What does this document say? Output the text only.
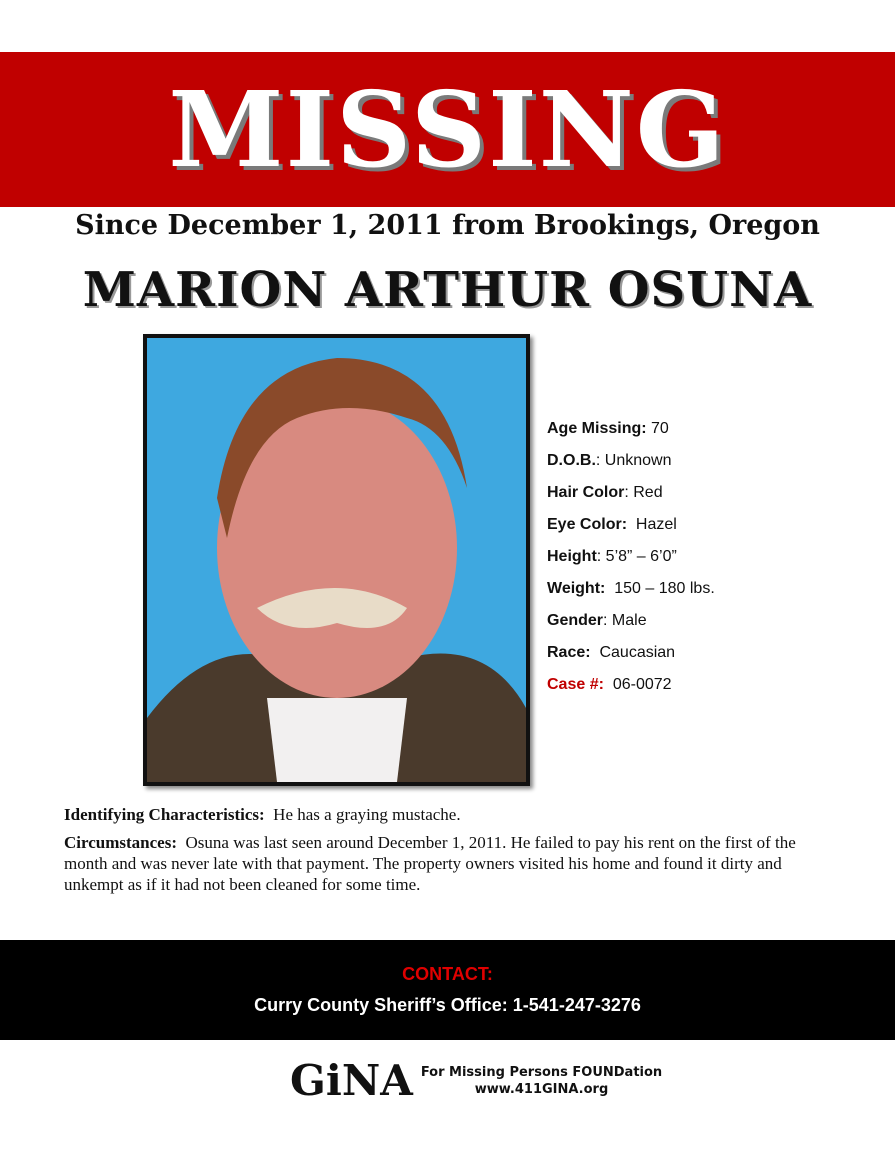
MISSING
Since December 1, 2011 from Brookings, Oregon
MARION ARTHUR OSUNA
Age Missing: 70
D.O.B.: Unknown
Hair Color: Red
Eye Color: Hazel
Height: 5’8” – 6’0”
Weight: 150 – 180 lbs.
Gender: Male
Race: Caucasian
Case #: 06-0072

Identifying Characteristics: He has a graying mustache.

Circumstances: Osuna was last seen around December 1, 2011. He failed to pay his rent on the first of the month and was never late with that payment. The property owners visited his home and found it dirty and unkempt as if it had not been cleaned for some time.

CONTACT:
Curry County Sheriff’s Office: 1-541-247-3276
GiNA For Missing Persons FOUNDation
www.411GINA.org
